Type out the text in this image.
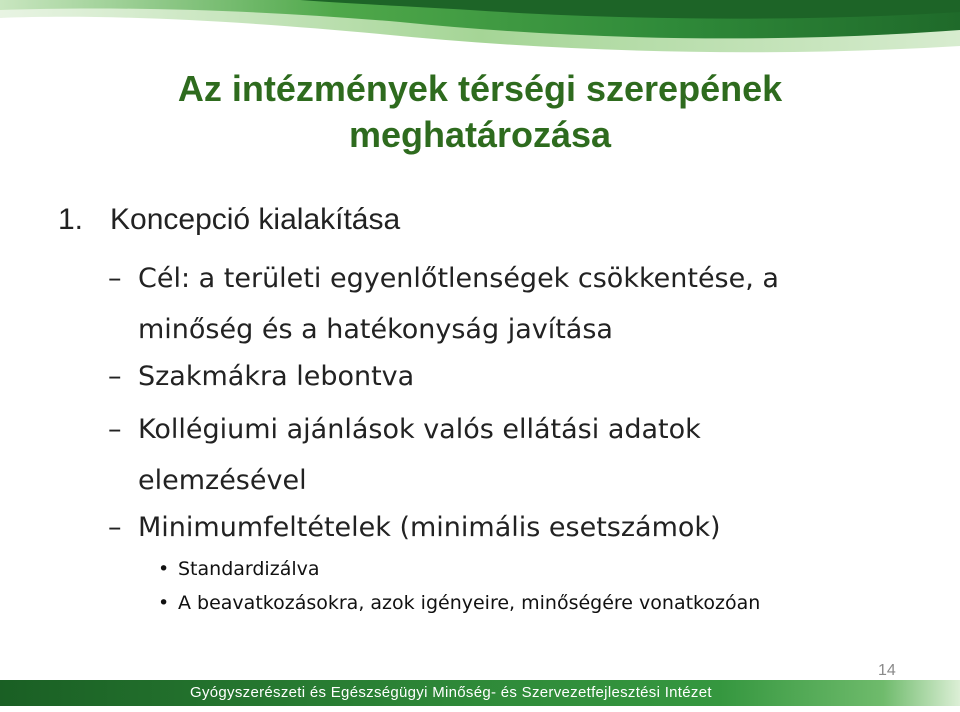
Az intézmények térségi szerepének
meghatározása
1. Koncepció kialakítása
– Cél: a területi egyenlőtlenségek csökkentése, a minőség és a hatékonyság javítása
– Szakmákra lebontva
– Kollégiumi ajánlások valós ellátási adatok elemzésével
– Minimumfeltételek (minimális esetszámok)
• Standardizálva
• A beavatkozásokra, azok igényeire, minőségére vonatkozóan
14
Gyógyszerészeti és Egészségügyi Minőség- és Szervezetfejlesztési Intézet
